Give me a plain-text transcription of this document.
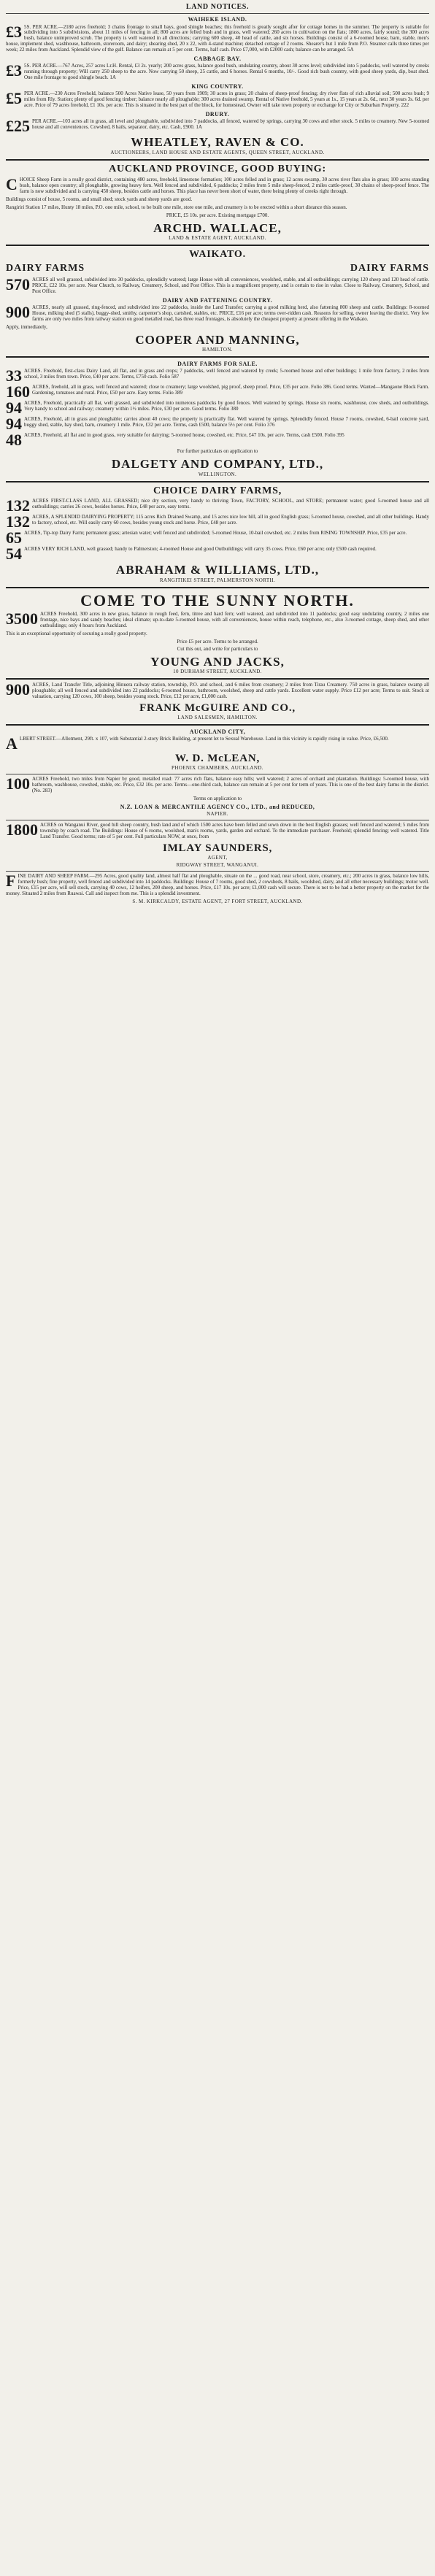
LAND NOTICES.
WAIHEKE ISLAND.
£3 5S. PER ACRE.—2180 acres freehold; 3 chains frontage to small bays, good shingle beaches; this freehold is greatly sought after for cottage homes in the summer. The property is suitable for subdividing into 5 subdivisions, about 11 miles of fencing in all; 800 acres are felled bush and in grass, well watered; 260 acres in cultivation on the flats; 1800 acres, fairly sound; the 300 acres bush, balance unimproved scrub. The property is well watered in all directions; carrying 600 sheep, 40 head of cattle, and six horses. Buildings consist of a 6-roomed house, barn, stable, men's house, implement shed, washhouse, bathroom, storeroom, and dairy; shearing shed, 20 x 22, with 4-stand machine; detached cottage of 2 rooms. Shearer's hut 1 mile from P.O. Steamer calls three times per week; 22 miles from Auckland. Splendid view of the gulf. Balance can remain at 5 per cent. Terms, half cash. Price £7,000, with £2000 cash; balance can be arranged. 5A
CABBAGE BAY.
£3 5S. PER ACRE.—767 Acres, 257 acres Lr.H. Rental, £3 2s. yearly; 200 acres grass, balance good bush, undulating country, about 30 acres level; subdivided into 5 paddocks, well watered by creeks running through property; Will carry 250 sheep to the acre. Now carrying 50 sheep, 25 cattle, and 6 horses. Rental 6 months, 10/-. Good rich bush country, with good sheep yards, dip, boat shed. One mile frontage to good shingle beach. 1A
KING COUNTRY.
£5 PER ACRE.—230 Acres Freehold, balance 500 Acres Native lease, 50 years from 1909; 30 acres in grass; 20 chains of sheep-proof fencing; dry river flats of rich alluvial soil; 500 acres bush; 9 miles from Rly. Station; plenty of good fencing timber; balance nearly all ploughable; 300 acres drained swamp. Rental of Native freehold, 5 years at 1s., 15 years at 2s. 6d., next 30 years 3s. 6d. per acre. Price of 79 acres freehold, £1 10s. per acre. This is situated in the best part of the block, for homestead. Owner will take town property or exchange for City or Suburban Property. 222
DRURY.
£25 PER ACRE.—103 acres all in grass, all level and ploughable, subdivided into 7 paddocks, all fenced, watered by springs, carrying 30 cows and other stock. 5 miles to creamery. New 5-roomed house and all conveniences. Cowshed, 8 bails, separator, dairy, etc. Cash, £900. 1A
WHEATLEY, RAVEN & CO.
AUCTIONEERS, LAND HOUSE AND ESTATE AGENTS, QUEEN STREET, AUCKLAND.
AUCKLAND PROVINCE, GOOD BUYING:
C HOICE Sheep Farm in a really good district, containing 480 acres, freehold, limestone formation; 100 acres felled and in grass; 12 acres swamp, 30 acres river flats also in grass; 100 acres standing bush, balance open country; all ploughable, growing heavy fern. Well fenced and subdivided, 6 paddocks; 2 miles from 5 mile sheep-fenced, 2 miles cattle-proof, 30 chains of sheep-proof fence. The farm is now subdivided and is carrying 450 sheep, besides cattle and horses. This place has never been short of water, there being plenty of creeks right through.
Buildings consist of house, 5 rooms, and small shed; stock yards and sheep yards are good.
Rangiriri Station 17 miles, Hunty 18 miles, P.O. one mile, school, to be built one mile, store one mile, and creamery is to be erected within a short distance this season.
PRICE, £5 10s. per acre. Existing mortgage £700.
ARCHD. WALLACE,
LAND & ESTATE AGENT, AUCKLAND.
WAIKATO.
DAIRY FARMS	DAIRY FARMS
570 ACRES all well grassed, subdivided into 30 paddocks, splendidly watered; large House with all conveniences, woolshed, stable, and all outbuildings; carrying 120 sheep and 120 head of cattle. PRICE, £22 10s. per acre. Near Church, to Railway, Creamery, School, and Post Office. This is a magnificent property, and is certain to rise in value. Close to Railway, Creamery, School, and Post Office.
DAIRY AND FATTENING COUNTRY.
900 ACRES, nearly all grassed, ring-fenced, and subdivided into 22 paddocks, inside the Land Transfer; carrying a good milking herd, also fattening 800 sheep and cattle. Buildings: 8-roomed House, milking shed (5 stalls), buggy-shed, smithy, carpenter's shop, cartshed, stables, etc. PRICE, £16 per acre; terms over-ridden cash. Reasons for selling, owner leaving the district. Very few farms are only two miles from railway station on good metalled road, has three road frontages, is absolutely the cheapest property at present offering in the Waikato.
Apply, immediately,
COOPER AND MANNING,
HAMILTON.
DAIRY FARMS FOR SALE.
33 ACRES. Freehold, first-class Dairy Land, all flat, and in grass and crops; 7 paddocks, well fenced and watered by creek; 5-roomed house and other buildings; 1 mile from factory, 2 miles from school, 3 miles from town. Price, £40 per acre. Terms, £750 cash. Folio 587
160 ACRES, freehold, all in grass, well fenced and watered; close to creamery; large woolshed, pig proof, sheep proof. Price, £35 per acre. Folio 386. Good terms. Wanted—Mangaone Block Farm. Gardening, tomatoes and rural. Price, £50 per acre. Easy terms. Folio 389
94 ACRES, Freehold, practically all flat, well grassed, and subdivided into numerous paddocks by good fences. Well watered by springs. House six rooms, washhouse, cow sheds, and outbuildings. Very handy to school and railway; creamery within 1½ miles. Price, £30 per acre. Good terms. Folio 380
94 ACRES, Freehold, all in grass and ploughable; carries about 40 cows; the property is practically flat. Well watered by springs. Splendidly fenced. House 7 rooms, cowshed, 6-bail concrete yard, buggy shed, stable, hay shed, barn, creamery 1 mile. Price, £32 per acre. Terms, cash £500, balance 5½ per cent. Folio 376
48 ACRES, Freehold, all flat and in good grass, very suitable for dairying; 5-roomed house, cowshed, etc. Price, £47 10s. per acre. Terms, cash £500. Folio 395
For further particulars on application to
DALGETY AND COMPANY, LTD.,
WELLINGTON.
CHOICE DAIRY FARMS,
132 ACRES FIRST-CLASS LAND, ALL GRASSED; nice dry section, very handy to thriving Town, FACTORY, SCHOOL, and STORE; permanent water; good 5-roomed house and all outbuildings; carries 26 cows, besides horses. Price, £48 per acre, easy terms.
132 ACRES, A SPLENDID DAIRYING PROPERTY; 115 acres Rich Drained Swamp, and 15 acres nice low hill, all in good English grass; 5-roomed house, cowshed, and all other buildings. Handy to factory, school, etc. Will easily carry 60 cows, besides young stock and horse. Price, £48 per acre.
65 ACRES, Tip-top Dairy Farm; permanent grass; artesian water; well fenced and subdivided; 5-roomed House, 10-bail cowshed, etc. 2 miles from RISING TOWNSHIP. Price, £35 per acre.
54 ACRES VERY RICH LAND, well grassed; handy to Palmerston; 4-roomed House and good Outbuildings; will carry 35 cows. Price, £60 per acre; only £500 cash required.
ABRAHAM & WILLIAMS, LTD.,
RANGITIKEI STREET, PALMERSTON NORTH.
COME TO THE SUNNY NORTH.
3500 ACRES Freehold, 300 acres in new grass, balance in rough feed, fern, titree and hard fern; well watered, and subdivided into 11 paddocks; good easy undulating country, 2 miles one frontage, nice bays and sandy beaches; ideal climate; up-to-date 5-roomed house, with all conveniences, house within reach, telephone, etc., also 3-roomed cottage, sheep shed, and other outbuildings; only 4 hours from Auckland.
This is an exceptional opportunity of securing a really good property.
Price £5 per acre. Terms to be arranged.
Cut this out, and write for particulars to
YOUNG AND JACKS,
10 DURHAM STREET, AUCKLAND.
900 ACRES, Land Transfer Title, adjoining Hinuera railway station, township, P.O. and school, and 6 miles from creamery; 2 miles from Tirau Creamery. 750 acres in grass, balance swamp all ploughable; all well fenced and subdivided into 22 paddocks; 6-roomed house, bathroom, woolshed, sheep and cattle yards. Excellent water supply. Price £12 per acre; Terms to suit. Stock at valuation, carrying 120 cows, 100 sheep, besides young stock. Price, £12 per acre, £1,000 cash.
FRANK McGUIRE AND CO.,
LAND SALESMEN, HAMILTON.
AUCKLAND CITY,
A LBERT STREET.—Allotment, 29ft. x 107, with Substantial 2-story Brick Building, at present let to Sexual Warehouse. Land in this vicinity is rapidly rising in value. Price, £6,500.
W. D. McLEAN,
PHOENIX CHAMBERS, AUCKLAND.
100 ACRES Freehold, two miles from Napier by good, metalled road: 77 acres rich flats, balance easy hills; well watered; 2 acres of orchard and plantation. Buildings: 5-roomed house, with bathroom, washhouse, cowshed, stable, etc. Price, £32 10s. per acre. Terms—one-third cash, balance can remain at 5 per cent for term of years. This is one of the best dairy farms in the district. (No. 283)
Terms on application to
N.Z. LOAN & MERCANTILE AGENCY CO., LTD., and REDUCED,
NAPIER.
1800 ACRES on Wanganui River, good hill sheep country, bush land and of which 1500 acres have been felled and sown down in the best English grasses; well fenced and watered; 5 miles from township by coach road. The Buildings: House of 6 rooms, woolshed, man's rooms, yards, garden and orchard. To the immediate purchaser. Freehold; splendid fencing; well watered. Title Land Transfer. Good terms; rate of 5 per cent. Full particulars NOW, at once, from
IMLAY SAUNDERS,
AGENT,
RIDGWAY STREET, WANGANUI.
F INE DAIRY AND SHEEP FARM.—295 Acres, good quality land, almost half flat and ploughable, situate on the ... good road, near school, store, creamery, etc.; 200 acres in grass, balance low hills, formerly bush; fine property, well fenced and subdivided into 14 paddocks. Buildings: House of 7 rooms, good shed, 2 cowsheds, 8 bails, woolshed, dairy, and all other necessary buildings; motor well. Price, £15 per acre, will sell stock, carrying 40 cows, 12 heifers, 200 sheep, and horses. Price, £17 10s. per acre; £1,000 cash will secure. There is not to be had a better property on the market for the money. Situated 2 miles from Ruawai. Call and inspect from me. This is a splendid investment.
S. M. KIRKCALDY, ESTATE AGENT, 27 FORT STREET, AUCKLAND.
